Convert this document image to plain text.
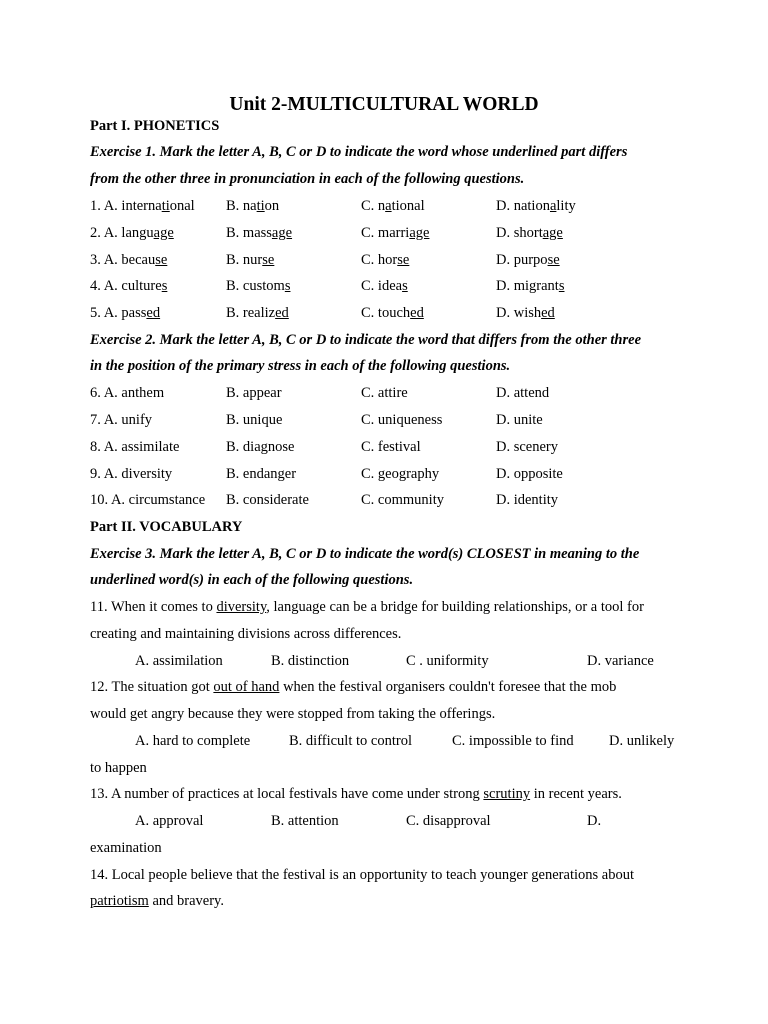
Unit 2-MULTICULTURAL WORLD
Part I. PHONETICS
Exercise 1. Mark the letter A, B, C or D to indicate the word whose underlined part differs
from the other three in pronunciation in each of the following questions.
1. A. international B. nation	C. national	D. nationality
2. A. language	B. massage	C. marriage	D. shortage
3. A. because	B. nurse	C. horse	D. purpose
4. A. cultures	B. customs	C. ideas	D. migrants
5. A. passed	B. realized	C. touched	D. wished
Exercise 2. Mark the letter A, B, C or D to indicate the word that differs from the other three
in the position of the primary stress in each of the following questions.
6. A. anthem	B. appear	C. attire	D. attend
7. A. unify	B. unique	C. uniqueness	D. unite
8. A. assimilate	B. diagnose	C. festival	D. scenery
9. A. diversity	B. endanger	C. geography	D. opposite
10. A. circumstance B. considerate	C. community	D. identity
Part II. VOCABULARY
Exercise 3. Mark the letter A, B, C or D to indicate the word(s) CLOSEST in meaning to the
underlined word(s) in each of the following questions.
11. When it comes to diversity, language can be a bridge for building relationships, or a tool for
creating and maintaining divisions across differences.
A. assimilation	B. distinction	C . uniformity	D. variance
12. The situation got out of hand when the festival organisers couldn't foresee that the mob
would get angry because they were stopped from taking the offerings.
A. hard to complete	B. difficult to control	C. impossible to find D. unlikely
to happen
13. A number of practices at local festivals have come under strong scrutiny in recent years.
A. approval	B. attention	C. disapproval	D.
examination
14. Local people believe that the festival is an opportunity to teach younger generations about
patriotism and bravery.
